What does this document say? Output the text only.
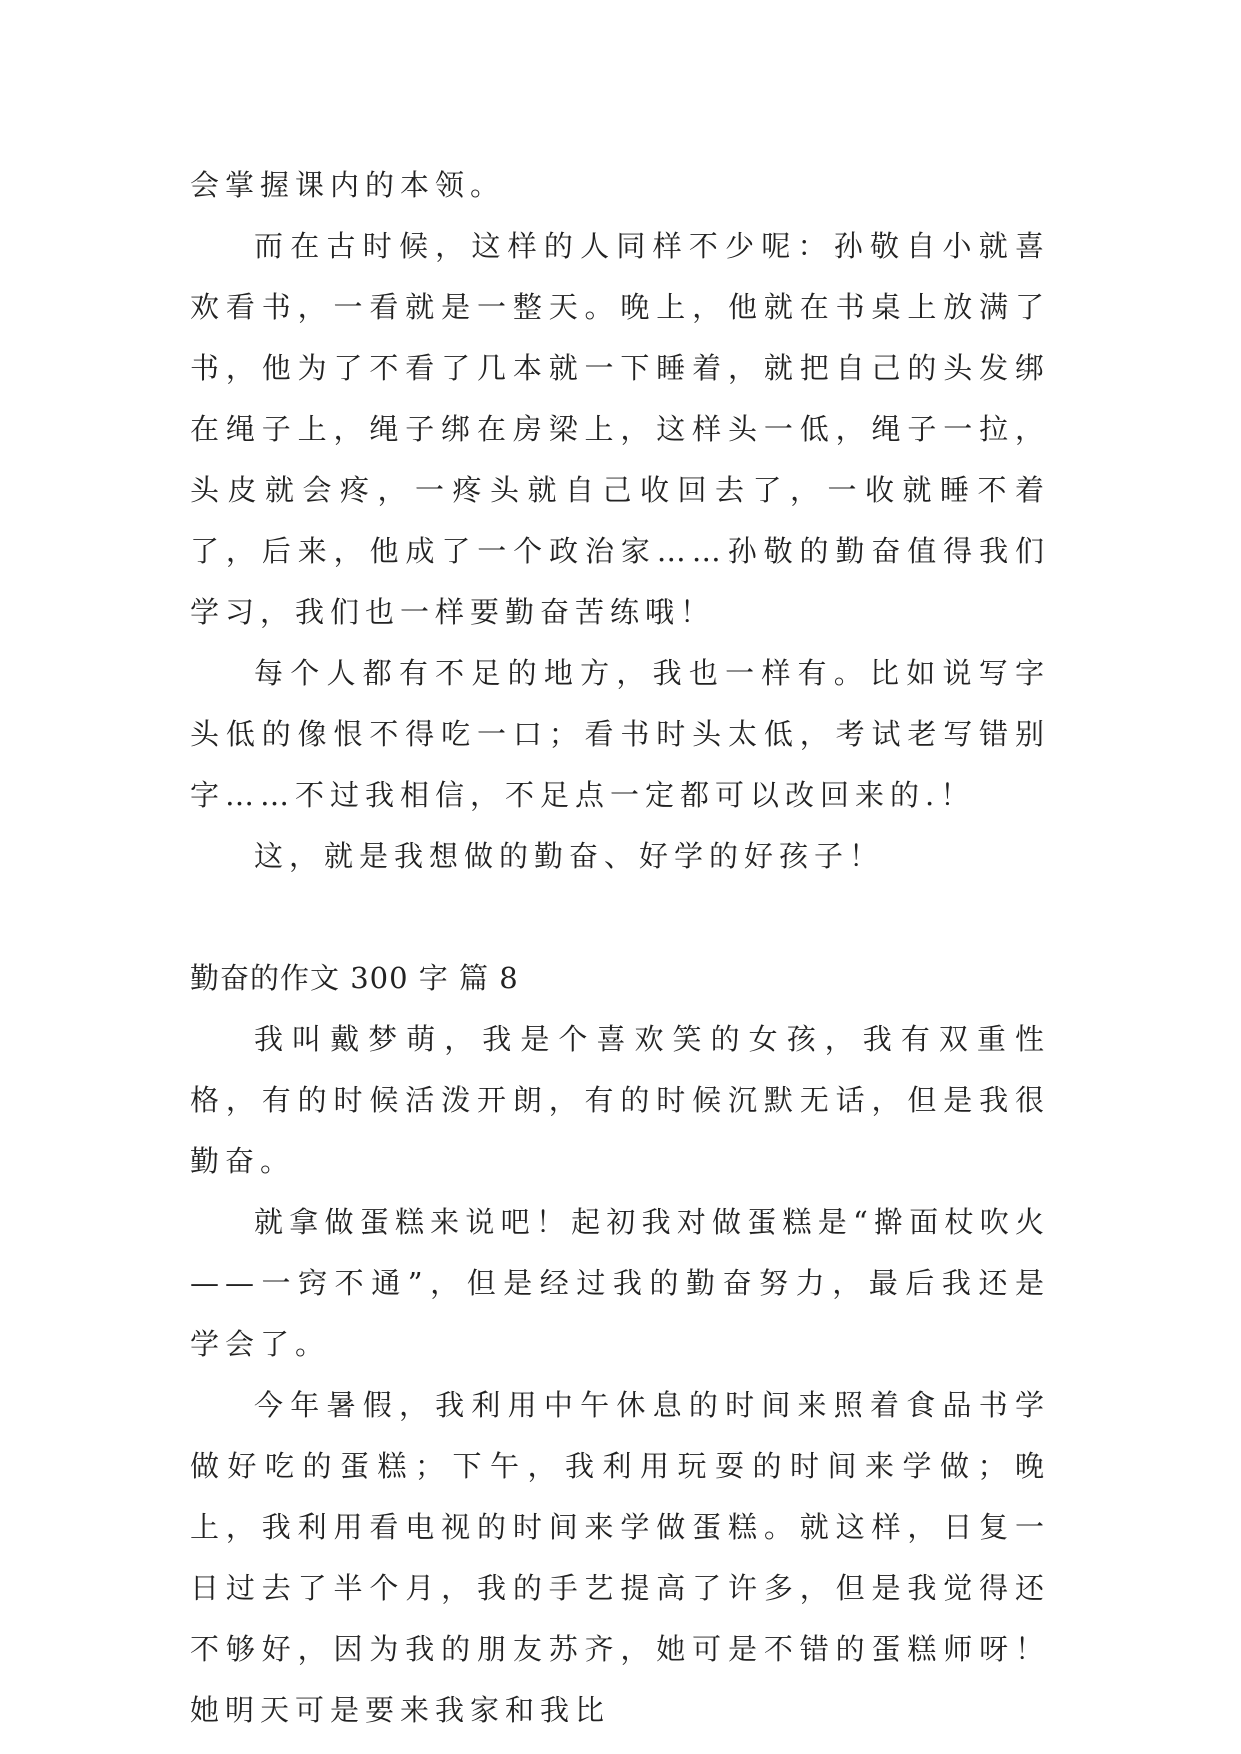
会掌握课内的本领。

而在古时候，这样的人同样不少呢：孙敬自小就喜欢看书，一看就是一整天。晚上，他就在书桌上放满了书，他为了不看了几本就一下睡着，就把自己的头发绑在绳子上，绳子绑在房梁上，这样头一低，绳子一拉，头皮就会疼，一疼头就自己收回去了，一收就睡不着了，后来，他成了一个政治家……孙敬的勤奋值得我们学习，我们也一样要勤奋苦练哦！

每个人都有不足的地方，我也一样有。比如说写字头低的像恨不得吃一口；看书时头太低，考试老写错别字……不过我相信，不足点一定都可以改回来的.！

这，就是我想做的勤奋、好学的好孩子！

勤奋的作文 300 字 篇 8

我叫戴梦萌，我是个喜欢笑的女孩，我有双重性格，有的时候活泼开朗，有的时候沉默无话，但是我很勤奋。

就拿做蛋糕来说吧！起初我对做蛋糕是“擀面杖吹火——一窍不通”，但是经过我的勤奋努力，最后我还是学会了。

今年暑假，我利用中午休息的时间来照着食品书学做好吃的蛋糕；下午，我利用玩耍的时间来学做；晚上，我利用看电视的时间来学做蛋糕。就这样，日复一日过去了半个月，我的手艺提高了许多，但是我觉得还不够好，因为我的朋友苏齐，她可是不错的蛋糕师呀！她明天可是要来我家和我比
